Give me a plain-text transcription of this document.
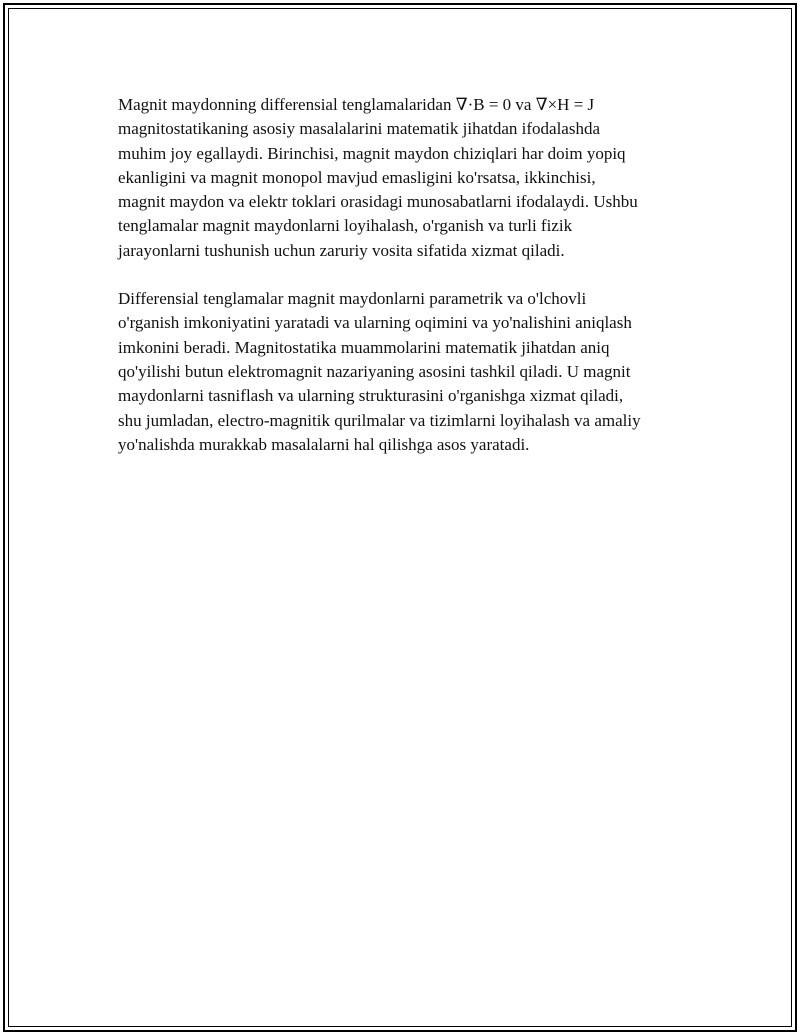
Magnit maydonning differensial tenglamalaridan ∇·B = 0 va ∇×H = J
magnitostatikaning asosiy masalalarini matematik jihatdan ifodalashda
muhim joy egallaydi. Birinchisi, magnit maydon chiziqlari har doim yopiq
ekanligini va magnit monopol mavjud emasligini ko'rsatsa, ikkinchisi,
magnit maydon va elektr toklari orasidagi munosabatlarni ifodalaydi. Ushbu
tenglamalar magnit maydonlarni loyihalash, o'rganish va turli fizik
jarayonlarni tushunish uchun zaruriy vosita sifatida xizmat qiladi.

Differensial tenglamalar magnit maydonlarni parametrik va o'lchovli
o'rganish imkoniyatini yaratadi va ularning oqimini va yo'nalishini aniqlash
imkonini beradi. Magnitostatika muammolarini matematik jihatdan aniq
qo'yilishi butun elektromagnit nazariyaning asosini tashkil qiladi. U magnit
maydonlarni tasniflash va ularning strukturasini o'rganishga xizmat qiladi,
shu jumladan, electro-magnitik qurilmalar va tizimlarni loyihalash va amaliy
yo'nalishda murakkab masalalarni hal qilishga asos yaratadi.
